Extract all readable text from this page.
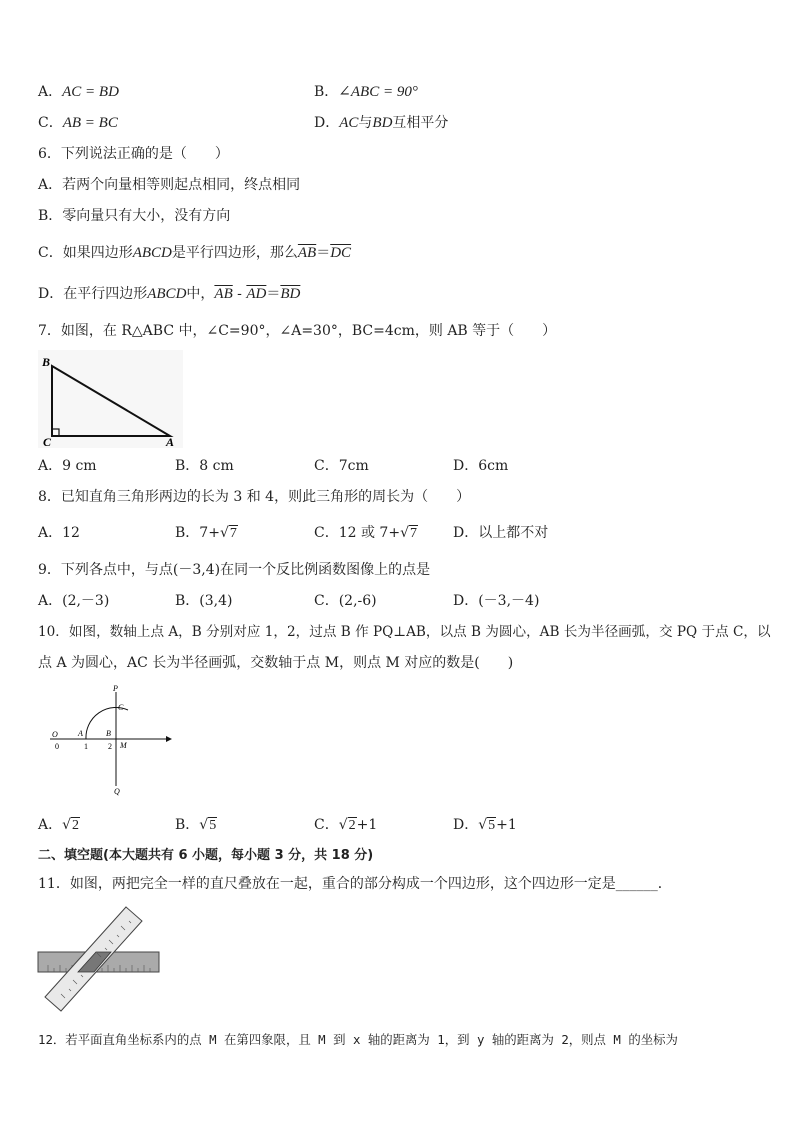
A．AC = BD	B．∠ABC = 90°
C．AB = BC	D．AC与BD互相平分
6．下列说法正确的是（　　）
A．若两个向量相等则起点相同，终点相同
B．零向量只有大小，没有方向
C．如果四边形ABCD是平行四边形，那么$\overline{AB}=\overline{DC}$
D．在平行四边形ABCD中，$\overline{AB} - \overline{AD}=\overline{BD}$
7．如图，在 R△ABC 中，∠C=90°，∠A=30°，BC=4cm，则 AB 等于（　　）
B
C	A
A．9 cm	B．8 cm	C．7cm	D．6cm
8．已知直角三角形两边的长为 3 和 4，则此三角形的周长为（　　）
A．12	B．7+√7	C．12 或 7+√7	D．以上都不对
9．下列各点中，与点(－3,4)在同一个反比例函数图像上的点是
A．(2,－3)	B．(3,4)	C．(2,-6)	D．(－3,－4)
10．如图，数轴上点 A，B 分别对应 1，2，过点 B 作 PQ⊥AB，以点 B 为圆心，AB 长为半径画弧，交 PQ 于点 C，以
点 A 为圆心，AC 长为半径画弧，交数轴于点 M，则点 M 对应的数是(　　)
P
C
O	A	B
M
0	1	2
Q
A．√2	B．√5	C．√2+1	D．√5+1
二、填空题(本大题共有 6 小题，每小题 3 分，共 18 分)
11．如图，两把完全一样的直尺叠放在一起，重合的部分构成一个四边形，这个四边形一定是______．
12．若平面直角坐标系内的点 M 在第四象限，且 M 到 x 轴的距离为 1，到 y 轴的距离为 2，则点 M 的坐标为
